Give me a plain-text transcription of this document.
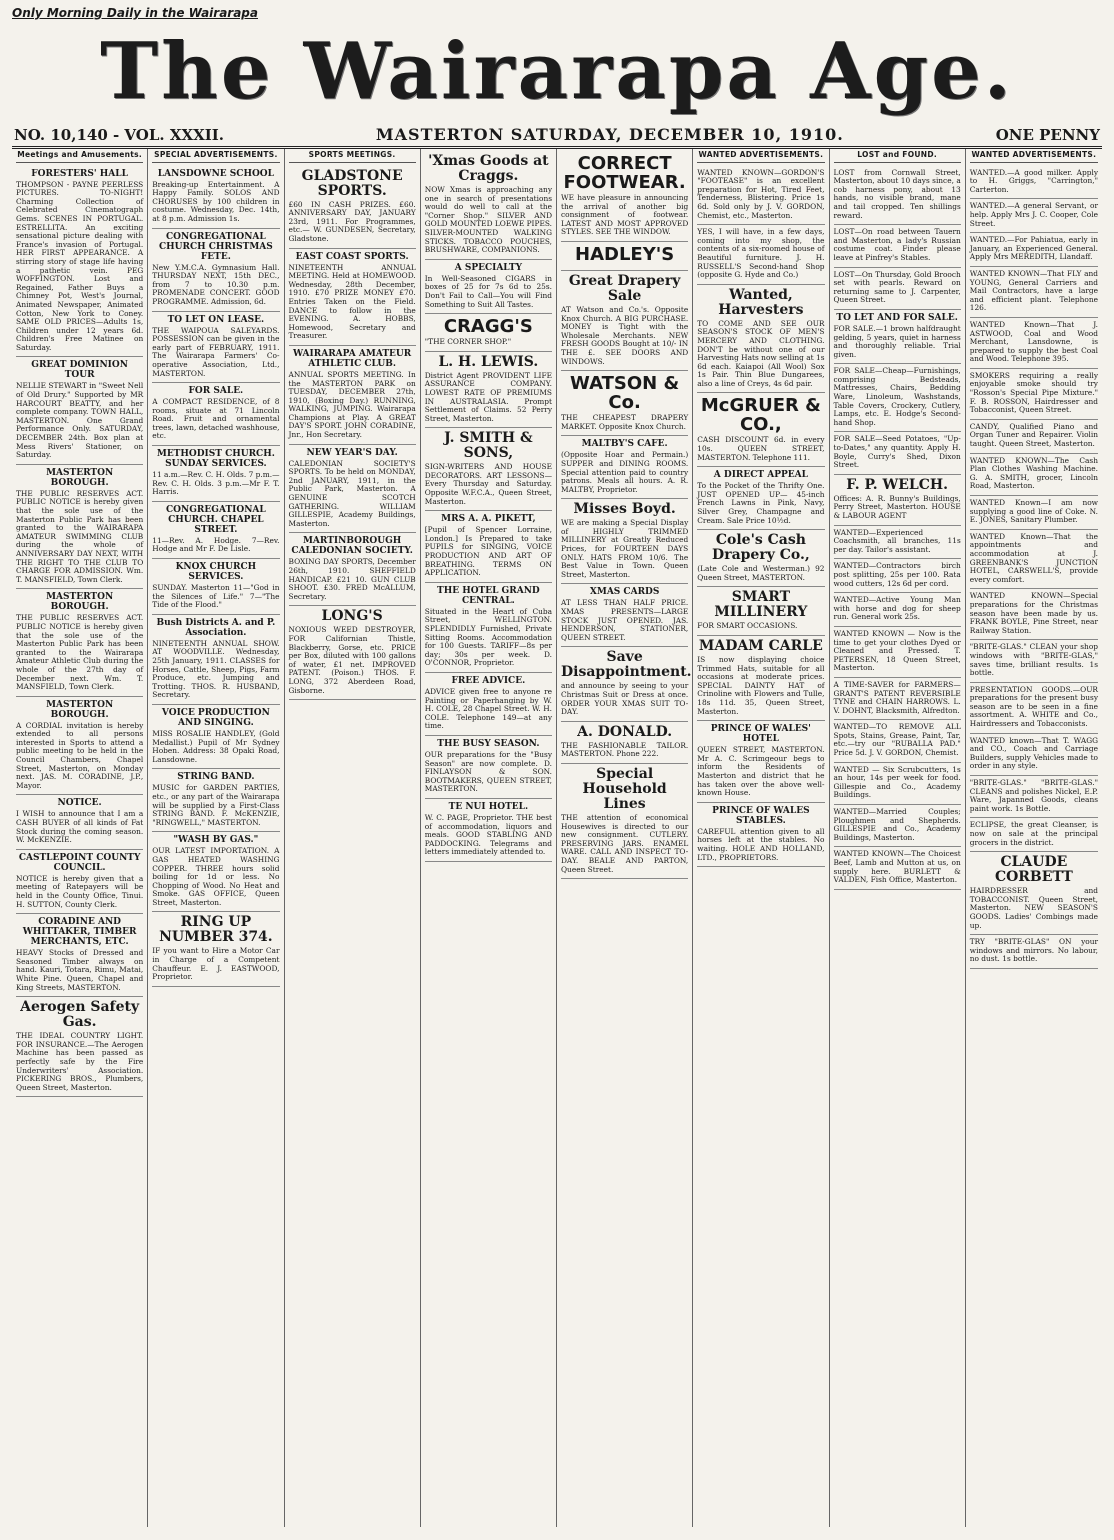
Only Morning Daily in the Wairarapa
The Wairarapa Age.
NO. 10,140 - VOL. XXXII.	MASTERTON SATURDAY, DECEMBER 10, 1910.	ONE PENNY
Meetings and Amusements.
FORESTERS' HALL
THOMPSON - PAYNE PEERLESS PICTURES. TO-NIGHT! Charming Collection of Celebrated Cinematograph Gems. SCENES IN PORTUGAL. ESTRELLITA. An exciting sensational picture dealing with France's invasion of Portugal. HER FIRST APPEARANCE. A stirring story of stage life having a pathetic vein. PEG WOFFINGTON. Lost and Regained, Father Buys a Chimney Pot, West's Journal, Animated Newspaper, Animated Cotton, New York to Coney. SAME OLD PRICES—Adults 1s, Children under 12 years 6d. Children's Free Matinee on Saturday.
GREAT DOMINION TOUR
NELLIE STEWART in "Sweet Nell of Old Drury." Supported by MR HARCOURT BEATTY, and her complete company. TOWN HALL, MASTERTON. One Grand Performance Only. SATURDAY, DECEMBER 24th. Box plan at Mess Rivers' Stationer, on Saturday.
MASTERTON BOROUGH.
THE PUBLIC RESERVES ACT. PUBLIC NOTICE is hereby given that the sole use of the Masterton Public Park has been granted to the WAIRARAPA AMATEUR SWIMMING CLUB during the whole of ANNIVERSARY DAY NEXT, WITH THE RIGHT TO THE CLUB TO CHARGE FOR ADMISSION. Wm. T. MANSFIELD, Town Clerk.
MASTERTON BOROUGH.
THE PUBLIC RESERVES ACT. PUBLIC NOTICE is hereby given that the sole use of the Masterton Public Park has been granted to the Wairarapa Amateur Athletic Club during the whole of the 27th day of December next. Wm. T. MANSFIELD, Town Clerk.
MASTERTON BOROUGH.
A CORDIAL invitation is hereby extended to all persons interested in Sports to attend a public meeting to be held in the Council Chambers, Chapel Street, Masterton, on Monday next. JAS. M. CORADINE, J.P., Mayor.
NOTICE.
I WISH to announce that I am a CASH BUYER of all kinds of Fat Stock during the coming season. W. McKENZIE.
CASTLEPOINT COUNTY COUNCIL.
NOTICE is hereby given that a meeting of Ratepayers will be held in the County Office, Tinui. H. SUTTON, County Clerk.
CORADINE AND WHITTAKER, TIMBER MERCHANTS, ETC.
HEAVY Stocks of Dressed and Seasoned Timber always on hand. Kauri, Totara, Rimu, Matai, White Pine. Queen, Chapel and King Streets, MASTERTON.
Aerogen Safety Gas.
THE IDEAL COUNTRY LIGHT. FOR INSURANCE.—The Aerogen Machine has been passed as perfectly safe by the Fire Underwriters' Association. PICKERING BROS., Plumbers, Queen Street, Masterton.
SPECIAL ADVERTISEMENTS.
LANSDOWNE SCHOOL
Breaking-up Entertainment. A Happy Family. SOLOS AND CHORUSES by 100 children in costume. Wednesday, Dec. 14th, at 8 p.m. Admission 1s.
CONGREGATIONAL CHURCH CHRISTMAS FETE.
New Y.M.C.A. Gymnasium Hall. THURSDAY NEXT, 15th DEC., from 7 to 10.30 p.m. PROMENADE CONCERT. GOOD PROGRAMME. Admission, 6d.
TO LET ON LEASE.
THE WAIPOUA SALEYARDS. POSSESSION can be given in the early part of FEBRUARY, 1911. The Wairarapa Farmers' Co-operative Association, Ltd., MASTERTON.
FOR SALE.
A COMPACT RESIDENCE, of 8 rooms, situate at 71 Lincoln Road. Fruit and ornamental trees, lawn, detached washhouse, etc.
METHODIST CHURCH. SUNDAY SERVICES.
11 a.m.—Rev. C. H. Olds. 7 p.m.—Rev. C. H. Olds. 3 p.m.—Mr F. T. Harris.
CONGREGATIONAL CHURCH. CHAPEL STREET.
11—Rev. A. Hodge. 7—Rev. Hodge and Mr F. De Lisle.
KNOX CHURCH SERVICES.
SUNDAY. Masterton 11—"God in the Silences of Life." 7—"The Tide of the Flood."
Bush Districts A. and P. Association.
NINETEENTH ANNUAL SHOW. AT WOODVILLE. Wednesday, 25th January, 1911. CLASSES for Horses, Cattle, Sheep, Pigs, Farm Produce, etc. Jumping and Trotting. THOS. R. HUSBAND, Secretary.
VOICE PRODUCTION AND SINGING.
MISS ROSALIE HANDLEY, (Gold Medallist.) Pupil of Mr Sydney Hoben. Address: 38 Opaki Road, Lansdowne.
STRING BAND.
MUSIC for GARDEN PARTIES, etc., or any part of the Wairarapa will be supplied by a First-Class STRING BAND. F. McKENZIE, "RINGWELL," MASTERTON.
"WASH BY GAS."
OUR LATEST IMPORTATION. A GAS HEATED WASHING COPPER. THREE hours solid boiling for 1d or less. No Chopping of Wood. No Heat and Smoke. GAS OFFICE, Queen Street, Masterton.
RING UP NUMBER 374.
IF you want to Hire a Motor Car in Charge of a Competent Chauffeur. E. J. EASTWOOD, Proprietor.
SPORTS MEETINGS.
GLADSTONE SPORTS.
£60 IN CASH PRIZES. £60. ANNIVERSARY DAY, JANUARY 23rd, 1911. For Programmes, etc.— W. GUNDESEN, Secretary, Gladstone.
EAST COAST SPORTS.
NINETEENTH ANNUAL MEETING. Held at HOMEWOOD. Wednesday, 28th December, 1910. £70 PRIZE MONEY £70. Entries Taken on the Field. DANCE to follow in the EVENING. A. HOBBS, Homewood, Secretary and Treasurer.
WAIRARAPA AMATEUR ATHLETIC CLUB.
ANNUAL SPORTS MEETING. In the MASTERTON PARK on TUESDAY, DECEMBER 27th, 1910, (Boxing Day.) RUNNING, WALKING, JUMPING. Wairarapa Champions at Play. A GREAT DAY'S SPORT. JOHN CORADINE, Jnr., Hon Secretary.
NEW YEAR'S DAY.
CALEDONIAN SOCIETY'S SPORTS. To be held on MONDAY, 2nd JANUARY, 1911, in the Public Park, Masterton. A GENUINE SCOTCH GATHERING. WILLIAM GILLESPIE, Academy Buildings, Masterton.
MARTINBOROUGH CALEDONIAN SOCIETY.
BOXING DAY SPORTS, December 26th, 1910. SHEFFIELD HANDICAP. £21 10. GUN CLUB SHOOT. £30. FRED McALLUM, Secretary.
LONG'S
NOXIOUS WEED DESTROYER, FOR Californian Thistle, Blackberry, Gorse, etc. PRICE per Box, diluted with 100 gallons of water, £1 net. IMPROVED PATENT. (Poison.) THOS. F. LONG, 372 Aberdeen Road, Gisborne.
'Xmas Goods at Craggs.
NOW Xmas is approaching any one in search of presentations would do well to call at the "Corner Shop." SILVER AND GOLD MOUNTED LOEWE PIPES. SILVER-MOUNTED WALKING STICKS. TOBACCO POUCHES, BRUSHWARE, COMPANIONS.
A SPECIALTY
In Well-Seasoned CIGARS in boxes of 25 for 7s 6d to 25s. Don't Fail to Call—You will Find Something to Suit All Tastes.
CRAGG'S
"THE CORNER SHOP."
L. H. LEWIS.
District Agent PROVIDENT LIFE ASSURANCE COMPANY. LOWEST RATE OF PREMIUMS IN AUSTRALASIA. Prompt Settlement of Claims. 52 Perry Street, Masterton.
J. SMITH & SONS,
SIGN-WRITERS AND HOUSE DECORATORS. ART LESSONS—Every Thursday and Saturday. Opposite W.F.C.A., Queen Street, Masterton.
MRS A. A. PIKETT,
[Pupil of Spencer Lorraine, London.] Is Prepared to take PUPILS for SINGING, VOICE PRODUCTION AND ART OF BREATHING. TERMS ON APPLICATION.
THE HOTEL GRAND CENTRAL.
Situated in the Heart of Cuba Street, WELLINGTON. SPLENDIDLY Furnished, Private Sitting Rooms. Accommodation for 100 Guests. TARIFF—8s per day; 30s per week. D. O'CONNOR, Proprietor.
FREE ADVICE.
ADVICE given free to anyone re Painting or Paperhanging by W. H. COLE, 28 Chapel Street. W. H. COLE. Telephone 149—at any time.
THE BUSY SEASON.
OUR preparations for the "Busy Season" are now complete. D. FINLAYSON & SON. BOOTMAKERS, QUEEN STREET, MASTERTON.
TE NUI HOTEL.
W. C. PAGE, Proprietor. THE best of accommodation, liquors and meals. GOOD STABLING AND PADDOCKING. Telegrams and letters immediately attended to.
CORRECT FOOTWEAR.
WE have pleasure in announcing the arrival of another big consignment of footwear. LATEST AND MOST APPROVED STYLES. SEE THE WINDOW.
HADLEY'S
Great Drapery Sale
AT Watson and Co.'s. Opposite Knox Church. A BIG PURCHASE. MONEY is Tight with the Wholesale Merchants. NEW FRESH GOODS Bought at 10/- IN THE £. SEE DOORS AND WINDOWS.
WATSON & Co.
THE CHEAPEST DRAPERY MARKET. Opposite Knox Church.
MALTBY'S CAFE.
(Opposite Hoar and Permain.) SUPPER and DINING ROOMS. Special attention paid to country patrons. Meals all hours. A. R. MALTBY, Proprietor.
Misses Boyd.
WE are making a Special Display of HIGHLY TRIMMED MILLINERY at Greatly Reduced Prices, for FOURTEEN DAYS ONLY. HATS FROM 10/6. The Best Value in Town. Queen Street, Masterton.
XMAS CARDS
AT LESS THAN HALF PRICE. XMAS PRESENTS—LARGE STOCK JUST OPENED. JAS. HENDERSON, STATIONER, QUEEN STREET.
Save Disappointment.
and announce by seeing to your Christmas Suit or Dress at once. ORDER YOUR XMAS SUIT TO-DAY.
A. DONALD.
THE FASHIONABLE TAILOR. MASTERTON. Phone 222.
Special Household Lines
THE attention of economical Housewives is directed to our new consignment. CUTLERY. PRESERVING JARS. ENAMEL WARE. CALL AND INSPECT TO-DAY. BEALE AND PARTON, Queen Street.
WANTED ADVERTISEMENTS.
WANTED KNOWN—GORDON'S "FOOTEASE" is an excellent preparation for Hot, Tired Feet, Tenderness, Blistering. Price 1s 6d. Sold only by J. V. GORDON, Chemist, etc., Masterton.
YES, I will have, in a few days, coming into my shop, the contents of a six-roomed house of Beautiful furniture. J. H. RUSSELL'S Second-hand Shop (opposite G. Hyde and Co.)
Wanted, Harvesters
TO COME AND SEE OUR SEASON'S STOCK OF MEN'S MERCERY AND CLOTHING. DON'T be without one of our Harvesting Hats now selling at 1s 6d each. Kaiapoi (All Wool) Sox 1s Pair. Thin Blue Dungarees, also a line of Creys, 4s 6d pair.
McGRUER & CO.,
CASH DISCOUNT 6d. in every 10s. QUEEN STREET, MASTERTON. Telephone 111.
A DIRECT APPEAL
To the Pocket of the Thrifty One. JUST OPENED UP— 45-inch French Lawns in Pink, Navy, Silver Grey, Champagne and Cream. Sale Price 10½d.
Cole's Cash Drapery Co.,
(Late Cole and Westerman.) 92 Queen Street, MASTERTON.
SMART MILLINERY
FOR SMART OCCASIONS.
MADAM CARLE
IS now displaying choice Trimmed Hats, suitable for all occasions at moderate prices. SPECIAL DAINTY HAT of Crinoline with Flowers and Tulle, 18s 11d. 35, Queen Street, Masterton.
PRINCE OF WALES' HOTEL
QUEEN STREET, MASTERTON. Mr A. C. Scrimgeour begs to inform the Residents of Masterton and district that he has taken over the above well-known House.
PRINCE OF WALES STABLES.
CAREFUL attention given to all horses left at the stables. No waiting. HOLE AND HOLLAND, LTD., PROPRIETORS.
LOST and FOUND.
LOST from Cornwall Street, Masterton, about 10 days since, a cob harness pony, about 13 hands, no visible brand, mane and tail cropped. Ten shillings reward.
LOST—On road between Tauern and Masterton, a lady's Russian costume coat. Finder please leave at Pinfrey's Stables.
LOST—On Thursday, Gold Brooch set with pearls. Reward on returning same to J. Carpenter, Queen Street.
TO LET AND FOR SALE.
FOR SALE.—1 brown halfdraught gelding, 5 years, quiet in harness and thoroughly reliable. Trial given.
FOR SALE—Cheap—Furnishings, comprising Bedsteads, Mattresses, Chairs, Bedding Ware, Linoleum, Washstands, Table Covers, Crockery, Cutlery, Lamps, etc. E. Hodge's Second-hand Shop.
FOR SALE—Seed Potatoes, "Up-to-Dates," any quantity. Apply H. Boyle, Curry's Shed, Dixon Street.
F. P. WELCH.
Offices: A. R. Bunny's Buildings, Perry Street, Masterton. HOUSE & LABOUR AGENT
WANTED—Experienced Coachsmith, all branches, 11s per day. Tailor's assistant.
WANTED—Contractors birch post splitting, 25s per 100. Rata wood cutters, 12s 6d per cord.
WANTED—Active Young Man with horse and dog for sheep run. General work 25s.
WANTED KNOWN — Now is the time to get your clothes Dyed or Cleaned and Pressed. T. PETERSEN, 18 Queen Street, Masterton.
A TIME-SAVER for FARMERS—GRANT'S PATENT REVERSIBLE TYNE and CHAIN HARROWS. L. V. DOHNT, Blacksmith, Alfredton.
WANTED—TO REMOVE ALL Spots, Stains, Grease, Paint, Tar, etc.—try our "RUBALLA PAD." Price 5d. J. V. GORDON, Chemist.
WANTED — Six Scrubcutters, 1s an hour, 14s per week for food. Gillespie and Co., Academy Buildings.
WANTED—Married Couples; Ploughmen and Shepherds. GILLESPIE and Co., Academy Buildings, Masterton.
WANTED KNOWN—The Choicest Beef, Lamb and Mutton at us, on supply here. BURLETT & VALDEN, Fish Office, Masterton.
WANTED ADVERTISEMENTS.
WANTED.—A good milker. Apply to H. Griggs, "Carrington," Carterton.
WANTED.—A general Servant, or help. Apply Mrs J. C. Cooper, Cole Street.
WANTED.—For Pahiatua, early in January, an Experienced General. Apply Mrs MEREDITH, Llandaff.
WANTED KNOWN—That FLY and YOUNG, General Carriers and Mail Contractors, have a large and efficient plant. Telephone 126.
WANTED Known—That J. ASTWOOD, Coal and Wood Merchant, Lansdowne, is prepared to supply the best Coal and Wood. Telephone 395.
SMOKERS requiring a really enjoyable smoke should try "Rosson's Special Pipe Mixture." F. B. ROSSON, Hairdresser and Tobacconist, Queen Street.
CANDY, Qualified Piano and Organ Tuner and Repairer. Violin taught. Queen Street, Masterton.
WANTED KNOWN—The Cash Plan Clothes Washing Machine. G. A. SMITH, grocer, Lincoln Road, Masterton.
WANTED Known—I am now supplying a good line of Coke. N. E. JONES, Sanitary Plumber.
WANTED Known—That the appointments and accommodation at J. GREENBANK'S JUNCTION HOTEL, CARSWELL'S, provide every comfort.
WANTED KNOWN—Special preparations for the Christmas season have been made by us. FRANK BOYLE, Pine Street, near Railway Station.
"BRITE-GLAS." CLEAN your shop windows with "BRITE-GLAS," saves time, brilliant results. 1s bottle.
PRESENTATION GOODS.—OUR preparations for the present busy season are to be seen in a fine assortment. A. WHITE and Co., Hairdressers and Tobacconists.
WANTED known—That T. WAGG and CO., Coach and Carriage Builders, supply Vehicles made to order in any style.
"BRITE-GLAS." "BRITE-GLAS." CLEANS and polishes Nickel, E.P. Ware, Japanned Goods, cleans paint work. 1s Bottle.
ECLIPSE, the great Cleanser, is now on sale at the principal grocers in the district.
CLAUDE CORBETT
HAIRDRESSER and TOBACCONIST. Queen Street, Masterton. NEW SEASON'S GOODS. Ladies' Combings made up.
TRY "BRITE-GLAS" ON your windows and mirrors. No labour, no dust. 1s bottle.
